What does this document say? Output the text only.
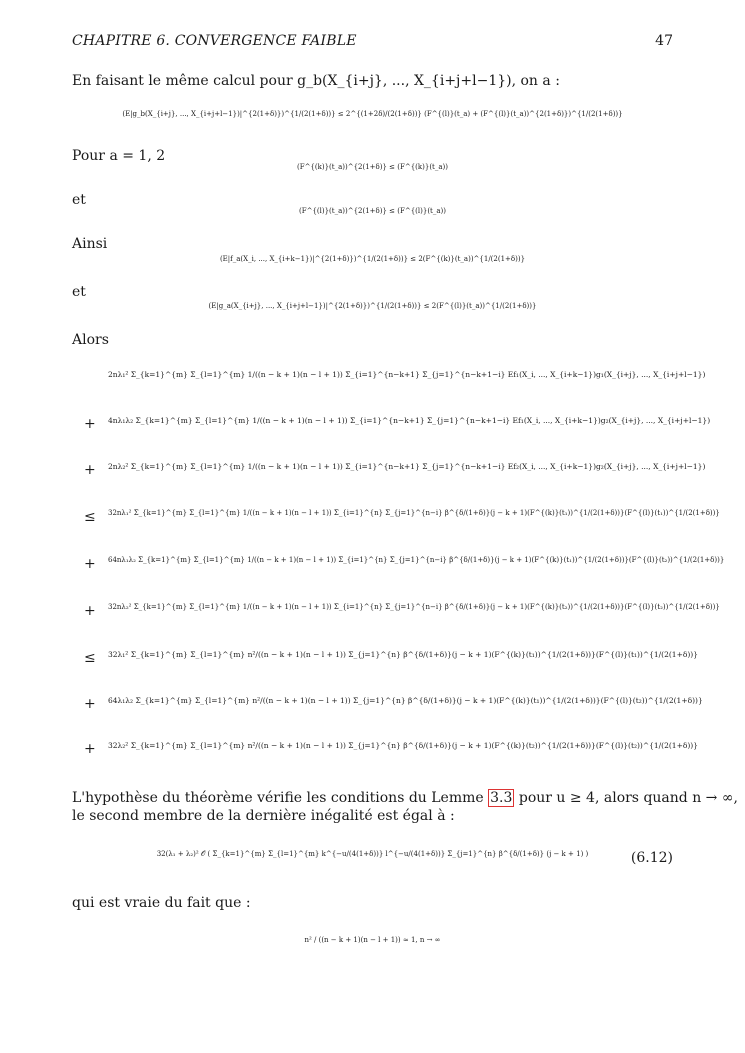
CHAPITRE 6. CONVERGENCE FAIBLE	47
En faisant le même calcul pour g_b(X_{i+j}, ..., X_{i+j+l−1}), on a :
(E|g_b(X_{i+j}, ..., X_{i+j+l−1})|^{2(1+δ)})^{1/(2(1+δ))} ≤ 2^{(1+2δ)/(2(1+δ))} (F^{(l)}(t_a) + (F^{(l)}(t_a))^{2(1+δ)})^{1/(2(1+δ))}
Pour a = 1, 2
(F^{(k)}(t_a))^{2(1+δ)} ≤ (F^{(k)}(t_a))
et
(F^{(l)}(t_a))^{2(1+δ)} ≤ (F^{(l)}(t_a))
Ainsi
(E|f_a(X_i, ..., X_{i+k−1})|^{2(1+δ)})^{1/(2(1+δ))} ≤ 2(F^{(k)}(t_a))^{1/(2(1+δ))}
et
(E|g_a(X_{i+j}, ..., X_{i+j+l−1})|^{2(1+δ)})^{1/(2(1+δ))} ≤ 2(F^{(l)}(t_a))^{1/(2(1+δ))}
Alors
2nλ₁² Σ_{k=1}^{m} Σ_{l=1}^{m} 1/((n − k + 1)(n − l + 1)) Σ_{i=1}^{n−k+1} Σ_{j=1}^{n−k+1−i} Ef₁(X_i, ..., X_{i+k−1})g₁(X_{i+j}, ..., X_{i+j+l−1})
+ 4nλ₁λ₂ Σ_{k=1}^{m} Σ_{l=1}^{m} 1/((n − k + 1)(n − l + 1)) Σ_{i=1}^{n−k+1} Σ_{j=1}^{n−k+1−i} Ef₁(X_i, ..., X_{i+k−1})g₂(X_{i+j}, ..., X_{i+j+l−1})
+ 2nλ₂² Σ_{k=1}^{m} Σ_{l=1}^{m} 1/((n − k + 1)(n − l + 1)) Σ_{i=1}^{n−k+1} Σ_{j=1}^{n−k+1−i} Ef₂(X_i, ..., X_{i+k−1})g₂(X_{i+j}, ..., X_{i+j+l−1})
≤ 32nλ₁² Σ_{k=1}^{m} Σ_{l=1}^{m} 1/((n − k + 1)(n − l + 1)) Σ_{i=1}^{n} Σ_{j=1}^{n−i} β^{δ/(1+δ)}(j − k + 1)(F^{(k)}(t₁))^{1/(2(1+δ))}(F^{(l)}(t₁))^{1/(2(1+δ))}
+ 64nλ₁λ₂ Σ_{k=1}^{m} Σ_{l=1}^{m} 1/((n − k + 1)(n − l + 1)) Σ_{i=1}^{n} Σ_{j=1}^{n−i} β^{δ/(1+δ)}(j − k + 1)(F^{(k)}(t₁))^{1/(2(1+δ))}(F^{(l)}(t₂))^{1/(2(1+δ))}
+ 32nλ₂² Σ_{k=1}^{m} Σ_{l=1}^{m} 1/((n − k + 1)(n − l + 1)) Σ_{i=1}^{n} Σ_{j=1}^{n−i} β^{δ/(1+δ)}(j − k + 1)(F^{(k)}(t₂))^{1/(2(1+δ))}(F^{(l)}(t₂))^{1/(2(1+δ))}
≤ 32λ₁² Σ_{k=1}^{m} Σ_{l=1}^{m} n²/((n − k + 1)(n − l + 1)) Σ_{j=1}^{n} β^{δ/(1+δ)}(j − k + 1)(F^{(k)}(t₁))^{1/(2(1+δ))}(F^{(l)}(t₁))^{1/(2(1+δ))}
+ 64λ₁λ₂ Σ_{k=1}^{m} Σ_{l=1}^{m} n²/((n − k + 1)(n − l + 1)) Σ_{j=1}^{n} β^{δ/(1+δ)}(j − k + 1)(F^{(k)}(t₁))^{1/(2(1+δ))}(F^{(l)}(t₂))^{1/(2(1+δ))}
+ 32λ₂² Σ_{k=1}^{m} Σ_{l=1}^{m} n²/((n − k + 1)(n − l + 1)) Σ_{j=1}^{n} β^{δ/(1+δ)}(j − k + 1)(F^{(k)}(t₂))^{1/(2(1+δ))}(F^{(l)}(t₂))^{1/(2(1+δ))}
L'hypothèse du théorème vérifie les conditions du Lemme 3.3 pour u ≥ 4, alors quand n → ∞,
le second membre de la dernière inégalité est égal à :
32(λ₁ + λ₂)² 𝒪 ( Σ_{k=1}^{m} Σ_{l=1}^{m} k^{−u/(4(1+δ))} l^{−u/(4(1+δ))} Σ_{j=1}^{n} β^{δ/(1+δ)} (j − k + 1) )	(6.12)
qui est vraie du fait que :
n² / ((n − k + 1)(n − l + 1)) ≈ 1, n → ∞
